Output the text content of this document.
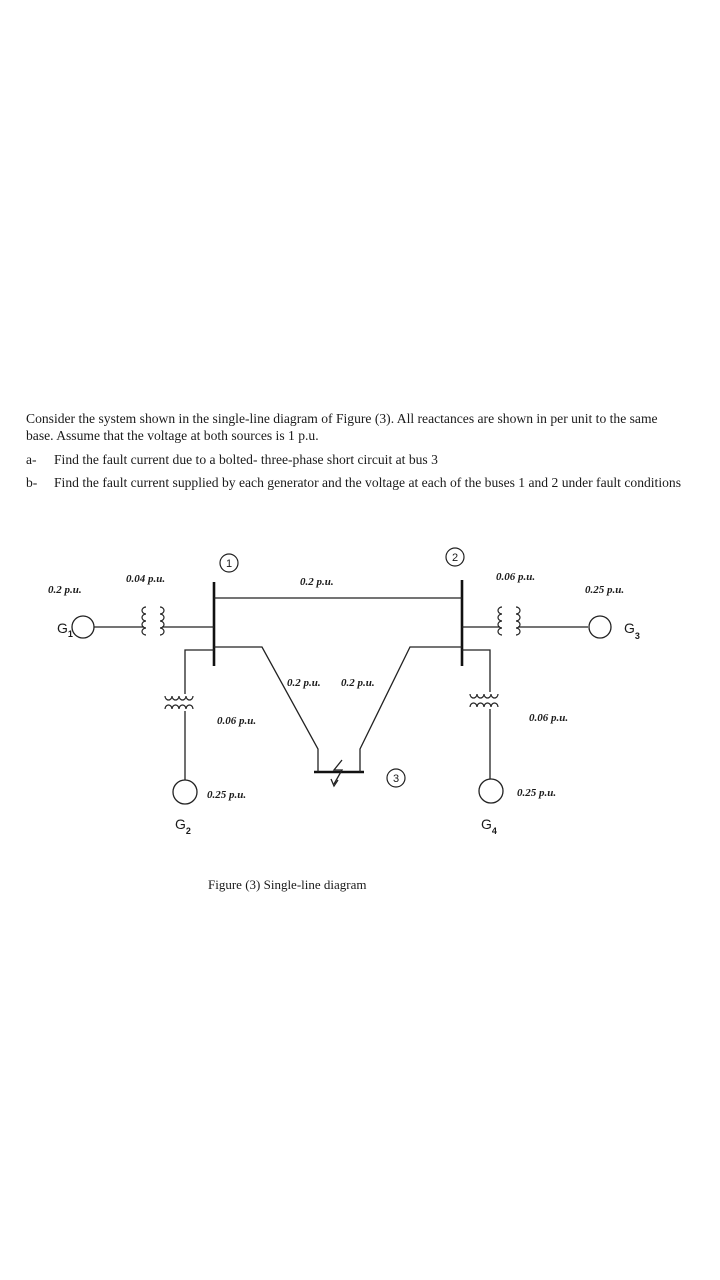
Consider the system shown in the single-line diagram of Figure (3). All reactances are shown in per unit to the same base. Assume that the voltage at both sources is 1 p.u.

a-	Find the fault current due to a bolted- three-phase short circuit at bus 3
b-	Find the fault current supplied by each generator and the voltage at each of the buses 1 and 2 under fault conditions
1	2
3
0.2 p.u.
0.2 p.u. 0.2 p.u.
$G_1$
0.2 p.u.
0.04 p.u.
$G_3$
0.06 p.u.
0.25 p.u.
$G_2$
0.06 p.u.
0.25 p.u.
$G_4$
0.06 p.u.
0.25 p.u.
Figure (3) Single-line diagram
